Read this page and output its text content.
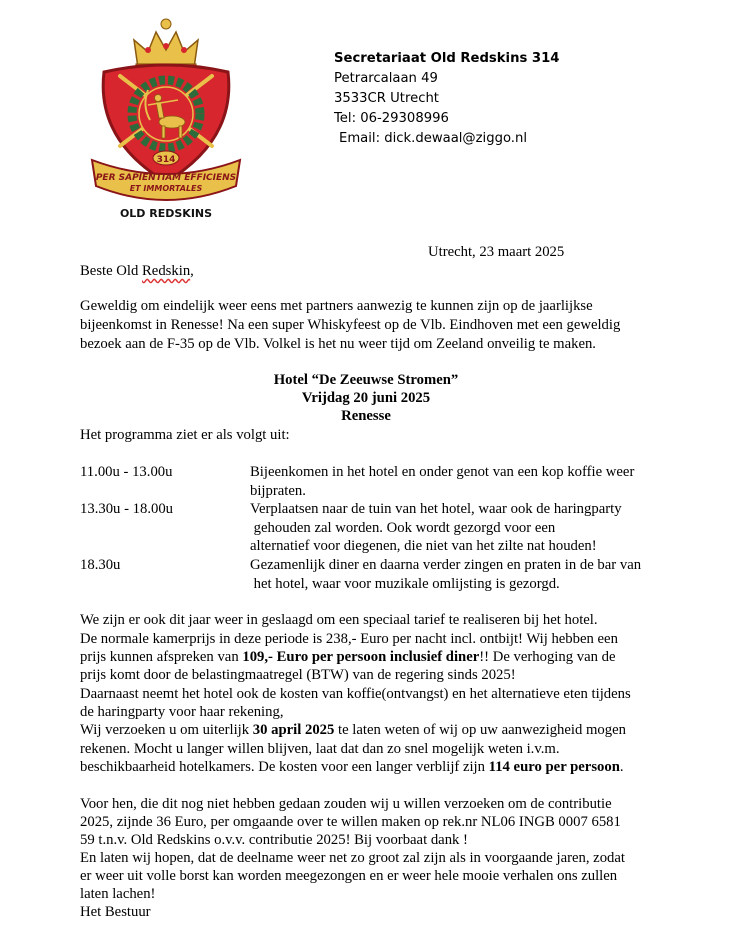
314
PER SAPIENTIAM EFFICIENS
ET IMMORTALES
OLD REDSKINS
Secretariaat Old Redskins 314
Petrarcalaan 49
3533CR Utrecht
Tel: 06-29308996
Email: dick.dewaal@ziggo.nl
Utrecht, 23 maart 2025
Beste Old Redskin,
Geweldig om eindelijk weer eens met partners aanwezig te kunnen zijn op de jaarlijkse
bijeenkomst in Renesse! Na een super Whiskyfeest op de Vlb. Eindhoven met een geweldig
bezoek aan de F-35 op de Vlb. Volkel is het nu weer tijd om Zeeland onveilig te maken.
Hotel “De Zeeuwse Stromen”
Vrijdag 20 juni 2025
Renesse
Het programma ziet er als volgt uit:
11.00u - 13.00u	Bijeenkomen in het hotel en onder genot van een kop koffie weer
bijpraten.
13.30u - 18.00u	Verplaatsen naar de tuin van het hotel, waar ook de haringparty
gehouden zal worden. Ook wordt gezorgd voor een
alternatief voor diegenen, die niet van het zilte nat houden!
18.30u	Gezamenlijk diner en daarna verder zingen en praten in de bar van
het hotel, waar voor muzikale omlijsting is gezorgd.
We zijn er ook dit jaar weer in geslaagd om een speciaal tarief te realiseren bij het hotel.
De normale kamerprijs in deze periode is 238,- Euro per nacht incl. ontbijt! Wij hebben een
prijs kunnen afspreken van 109,- Euro per persoon inclusief diner!! De verhoging van de
prijs komt door de belastingmaatregel (BTW) van de regering sinds 2025!
Daarnaast neemt het hotel ook de kosten van koffie(ontvangst) en het alternatieve eten tijdens
de haringparty voor haar rekening,
Wij verzoeken u om uiterlijk 30 april 2025 te laten weten of wij op uw aanwezigheid mogen
rekenen. Mocht u langer willen blijven, laat dat dan zo snel mogelijk weten i.v.m.
beschikbaarheid hotelkamers. De kosten voor een langer verblijf zijn 114 euro per persoon.
Voor hen, die dit nog niet hebben gedaan zouden wij u willen verzoeken om de contributie
2025, zijnde 36 Euro, per omgaande over te willen maken op rek.nr NL06 INGB 0007 6581
59 t.n.v. Old Redskins o.v.v. contributie 2025! Bij voorbaat dank !
En laten wij hopen, dat de deelname weer net zo groot zal zijn als in voorgaande jaren, zodat
er weer uit volle borst kan worden meegezongen en er weer hele mooie verhalen ons zullen
laten lachen!
Het Bestuur
